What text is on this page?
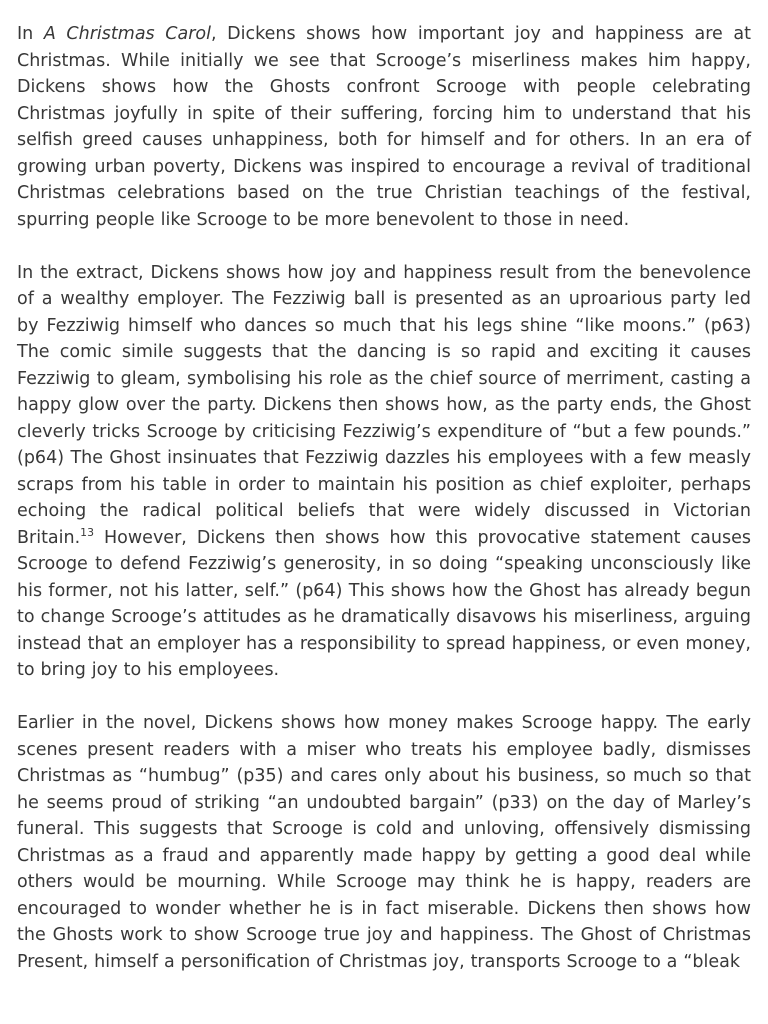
In A Christmas Carol, Dickens shows how important joy and happiness are at Christmas. While initially we see that Scrooge’s miserliness makes him happy, Dickens shows how the Ghosts confront Scrooge with people celebrating Christmas joyfully in spite of their suffering, forcing him to understand that his selfish greed causes unhappiness, both for himself and for others. In an era of growing urban poverty, Dickens was inspired to encourage a revival of traditional Christmas celebrations based on the true Christian teachings of the festival, spurring people like Scrooge to be more benevolent to those in need.

In the extract, Dickens shows how joy and happiness result from the benevolence of a wealthy employer. The Fezziwig ball is presented as an uproarious party led by Fezziwig himself who dances so much that his legs shine “like moons.” (p63) The comic simile suggests that the dancing is so rapid and exciting it causes Fezziwig to gleam, symbolising his role as the chief source of merriment, casting a happy glow over the party. Dickens then shows how, as the party ends, the Ghost cleverly tricks Scrooge by criticising Fezziwig’s expenditure of “but a few pounds.” (p64) The Ghost insinuates that Fezziwig dazzles his employees with a few measly scraps from his table in order to maintain his position as chief exploiter, perhaps echoing the radical political beliefs that were widely discussed in Victorian Britain.$^{13}$ However, Dickens then shows how this provocative statement causes Scrooge to defend Fezziwig’s generosity, in so doing “speaking unconsciously like his former, not his latter, self.” (p64) This shows how the Ghost has already begun to change Scrooge’s attitudes as he dramatically disavows his miserliness, arguing instead that an employer has a responsibility to spread happiness, or even money, to bring joy to his employees.

Earlier in the novel, Dickens shows how money makes Scrooge happy. The early scenes present readers with a miser who treats his employee badly, dismisses Christmas as “humbug” (p35) and cares only about his business, so much so that he seems proud of striking “an undoubted bargain” (p33) on the day of Marley’s funeral. This suggests that Scrooge is cold and unloving, offensively dismissing Christmas as a fraud and apparently made happy by getting a good deal while others would be mourning. While Scrooge may think he is happy, readers are encouraged to wonder whether he is in fact miserable. Dickens then shows how the Ghosts work to show Scrooge true joy and happiness. The Ghost of Christmas Present, himself a personification of Christmas joy, transports Scrooge to a “bleak
